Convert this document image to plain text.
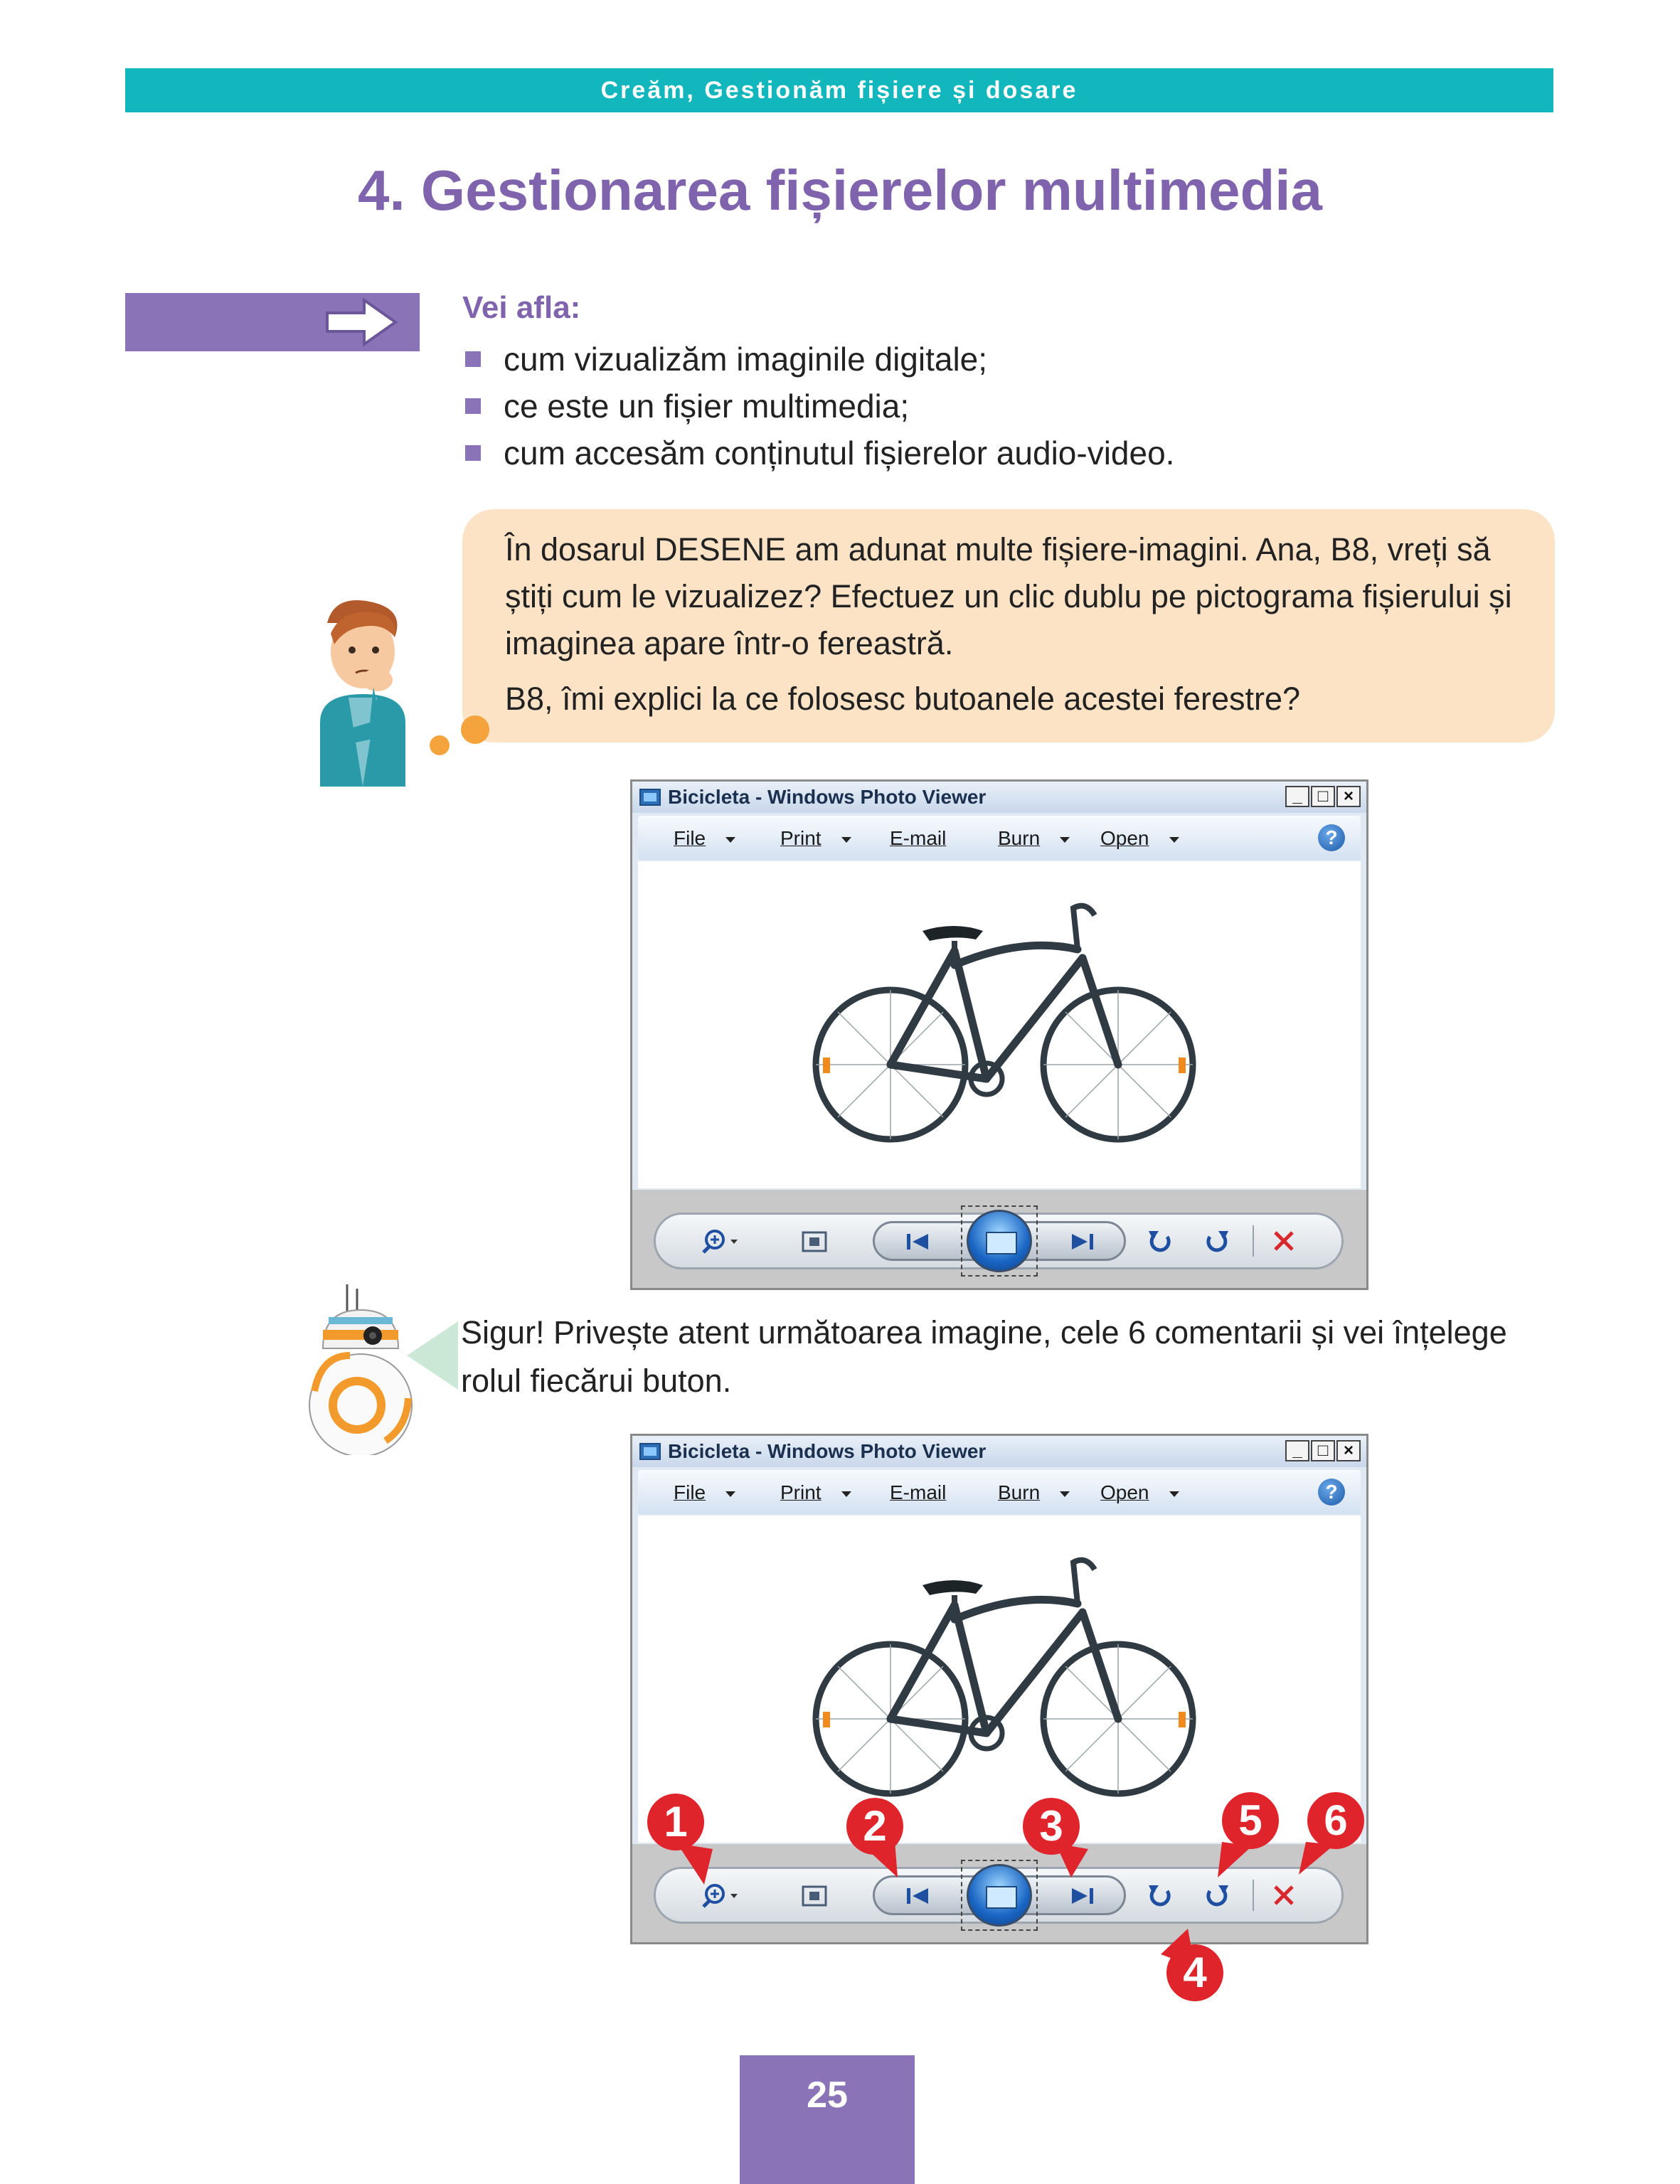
Creăm, Gestionăm fișiere și dosare
4. Gestionarea fișierelor multimedia
Vei afla:
cum vizualizăm imaginile digitale;
ce este un fișier multimedia;
cum accesăm conținutul fișierelor audio-video.

În dosarul DESENE am adunat multe fișiere-imagini. Ana, B8, vreți să știți cum le vizualizez? Efectuez un clic dublu pe pictograma fișierului și imaginea apare într-o fereastră.

B8, îmi explici la ce folosesc butoanele acestei ferestre?

Bicicleta - Windows Photo Viewer	_ □ ×
File	Print	E-mail	Burn	Open	?

Sigur! Privește atent următoarea imagine, cele 6 comentarii și vei înțelege rolul fiecărui buton.

Bicicleta - Windows Photo Viewer	_ □ ×
File	Print	E-mail	Burn	Open	?
1	2	3
4
5	6
25
